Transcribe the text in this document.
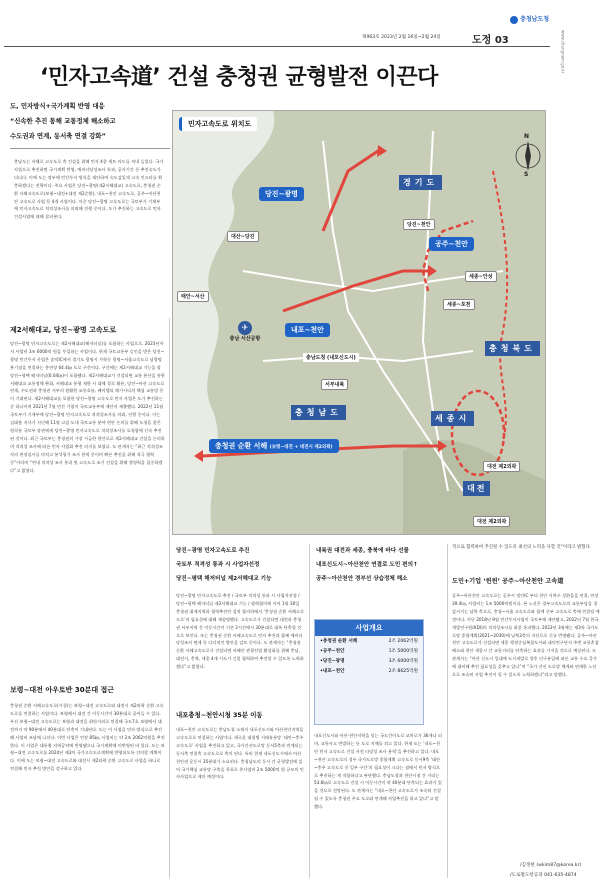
제963호 2023년 2월 16일~2월 24일	도정 03
충청남도청
www.chungnam.go.kr
‘민자고속道’ 건설 충청권 균형발전 이끈다
도, 민자방식+국가계획 반영 대응
“신속한 추진 통해 교통정체 해소하고
수도권과 연계, 동서축 연결 강화”
충남도는 서해로 고속도로 축 건설을 위해 민자 4종 세트 카드를 꺼내 들었다. 국가사업으로 추진하면 국가계획 반영, 예비타당성조사 통과, 공사기간 등 추진속도가 더디다. 이에 도는 정부에 민간투자 방식을 제안하여 속도감있게 고속 인프라를 확충하겠다는 전략이다. 주요 사업은 당진~광명(제2서해대교) 고속도로, 충청권 순환 서해고속도로(보령~대전+대전 제2순환), 내포~천안 고속도로, 공주~아산천안 고속도로 사업 등 4개 사업이다. 이중 당진~광명 고속도로는 국토부가 기재부에 민자고속도로 적격성조사를 의뢰해 진행 중이다. 도가 추진하는 고속도로 민자 건설사업에 대해 살펴본다.
제2서해대교, 당진~광명 고속도로
당진~광명 민자고속도로는 제2서해대교(해저터널)를 포함하는 사업으로, 2023년까지 사업비 3조 6000억 원을 투입하는 사업이다. 현재 국토교통부 승인을 받은 당진~광명 민간투자 사업은 송악IC에서 경기도 광명시 가학동 광명~서울고속도로 남광명분기점을 연결하는 총연장 64.4㎞ 도로 구간이다. 구간에는 제2서해대교 기능을 할 당진~평택 해저터널(6.04㎞)이 포함됐다. 제2서해대교가 건설되면 교통 분산을 통한 서해대교 교통정체 완화, 서해대교 통행 제한 시 대체 경로 활용, 당진~아산 고속도로 연계, 수도권과 충청권 서부의 원활한 교통흐름, 베이밸리 메가시티의 핵심 교통망 등이 기대된다. 제2서해대교를 포함한 당진~광명 고속도로 민자 사업은 도가 추진하는 중 하나이며 2021년 7월 민간 기업이 국토교통부에 제안서 제출했다. 2022년 11월 국토부가 기재부에 당진~광명 민자고속도로 적격성조사를 의뢰, 진행 중이다. 이는 김태흠 지사가 지난해 11월 고검 도내 국토교통 분야 현안 논의를 위해 도청을 찾은 원희룡 국토부 장관에게 당진~광명 민자고속도로 적격성조사를 요청함에 신속 추진된 것이다. 최근 국토부는 충청권의 가장 시급한 현안으로 제2서해대교 건설을 논의하며 적격성 조사에 따른 민자 사업화 추진 의지를 보였다. 도 관계자는 “최근 적격성조사의 현장실사를 마치고 분석평가 조사 용역 중이며 빠른 추진을 위해 적극 협력 중”이라며 “연내 적격성 조사 통과 및 고속도로 조기 건설을 위해 행정력을 집중하겠다”고 밝혔다.
보령~대전 아우토반 30분대 접근
충청권 순환 서해고속도로(가칭)는 보령~대전 고속도로와 대전시 제2외곽 순환 고속도로를 연결하는 사업이다. 보령에서 대전 간 이동시간이 30분대로 줄어들 수 있다. 우선 보령~대전 고속도로는 보령과 대전을 최단거리로 연결해 국도7호 보령에서 대전까지 약 90분에서 40분대로 단축이 기대된다. 도는 이 사업을 민자 방식으로 추진해 사업비 조달에 나선다. 이번 사업은 연장 85㎞, 사업비는 약 2조 2062억원을 추진한다. 이 사업은 대통령 지역공약에 반영됐으나 국가계획에 미반영된 바 있다. 도는 보령~대전 고속도로를 2024년 제3차 국가고속도로계획에 반영되도록 건의할 계획이다. 이에 도는 보령~대전 고속도로와 대전시 제2외곽 순환 고속도로 사업을 하나로 연결해 민자 추진 방안을 강구하고 있다.
민자고속도로 위치도
당진~광명
공주~천안
내포~천안
충청권 순환 서해 (보령~대전 + 대전시 제2외곽)
경기도
충청남도
충청북도
세종시
대전
✈
충남 서산공항
충남도청 (내포신도시)
대산~당진
태안~서산
서부내륙
당진~천안
세종~안성
세종~포천
대전 제2외곽
대전 제2외곽
N
S
당진~광명 민자고속도로 추진
국토부 적격성 통과 시 사업자선정
당진~평택 해저터널 제2서해대교 기능
내륙권 대전과 세종, 충북에 바다 선물
내포신도시~아산천안 연결로 도민 편의↑
공주~아산천안 경부선 상습정체 해소
당진~광명 민자고속도로 추진 / 국토부 적격성 통과 시 사업자선정 / 당진~평택 해저터널 제2서해대교 기능 / 협력협의에 이어 1월 30일 충청권 취재지역과 협력추진단 설치 합의하에서 ‘충청권 순환 서해고속도로’의 필요성에 대해 재설명했다. 고속도로가 건설되면 대전과 충청권 서부지역 간 이동시간이 기존 2시간에서 30분대로 대폭 단축될 것으로 보인다. 또는 충청권 순환 서해고속도로 민자 추진과 함께 예비타당성조사 면제 등 다각적인 방안을 검토 중이다. 도 관계자는 “충청권 순환 서해고속도로가 건설되면 서해안 관광산업 활성화를 위해 충남, 대전시, 충북, 세종 4개 시도가 긴밀 협력하여 추진할 수 있도록 노력하겠다”고 밝혔다.
내포충청~천안시청 35분 이동
내포~천안 고속도로는 충남도청 소재지 내포신도시와 아산천안지역을 고속도로로 연결하는 사업이다. 새로운 대형병 거래유통망 ‘태안~충주 고속도로’ 사업을 추진하고 있고, 국가간선도로망 동서5축과 연계되는 동서축 연결축 고속도로로 축이 된다. 특히 현재 내포신도시에서 아산천안권 운동시 35분대가 소요된다. 충청남도의 동서 간 균형발전에 있어 국가핵심 교통망 구축을 목표로 총사업비 2조 5000억 원 규모의 민자사업으로 제안 예정이다.
사업개요
•충청권 순환 서해	2조 2062억원
•공주~천안	1조 5000억원
•당진~광명	3조 6000억원
•내포~천안	2조 8625억원
내포신도시와 아산·천안지역을 잇는 국도간이도로 교차로가 36개나 되며, 교통사고 빈발하는 등 도로 지체를 겪고 있다. 현재 도는 ‘내포~천안 민자 고속도로 건설 사전 타당성 조사 용역’을 추진하고 있다. 내포~천안 고속도로의 경우 국가도로망 종합계획 고속도로 동서9축 ‘태안~충주 고속도로 중 일부 구간’의 필요성이 크다는 점에서 민자 방식으로 추진하는 게 적합하다고 판단했다. 충남도청과 천안시청 간 거리는 53.6㎞로 고속도로 건설 시 이동시간이 약 40분대 단축되는 효과가 있을 것으로 전망된다. 도 관계자는 “내포~천안 고속도로가 조속히 건설될 수 있도록 충청권 주요 도로와 연계해 사업추진을 하고 있다”고 말했다.
적으로 협력하여 추진될 수 있도록 최선의 노력을 다할 것”이라고 밝혔다.
도민+기업 ‘윈윈’ 공주~아산천안 고속道
공주~아산천안 고속도로는 공주시 정안IC 부터 천안 서북구 성환읍을 연결, 연장 39.4㎞, 사업비는 1조 5000억원이다. 본 노선은 경부고속도로의 교통부담을 경감시키는 남북 축으로, 충청~서울 고속도로와 함께 중부 고속도로 축에 연결될 예정이다. 지난 2018년 9월 민간투자사업이 국토부에 제안됐고, 2022년 7월 한국개발연구원(KDI)의 적격성조사를 최종 통과했다. 2023년 3월에는 제3차 국가도로망 종합계획(2021~2030)에 남북3축의 지선으로 신규 반영됐다. 공주~아산천안 고속도로가 건설되면 세종 행정중심복합도시와 대덕연구단지 주변 교통혼잡 해소와 천안 세종시 간 교통거리를 단축하는 효과를 가져올 것으로 예상된다. 도 관계자는 “아산 신도시 일대에 도시개발로 향후 인구유입에 따른 교통 수요 증가에 대비해 추진 필요성을 갖추고 있다”며 “국가 간선 도로망 체계와 연계한 노선으로 조속히 사업 추진이 될 수 있도록 노력하겠다”라고 말했다.
/김정현 (wkim87@korea.kr)
/도로철도항공과 041-635-4874
